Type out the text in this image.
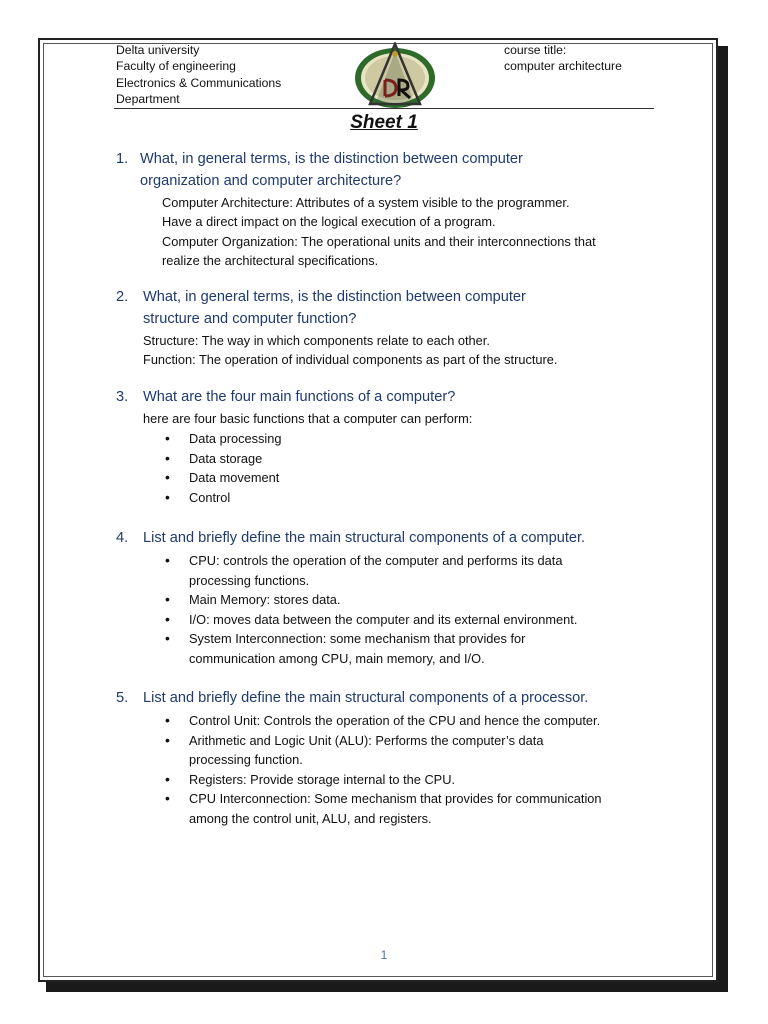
Delta university
Faculty of engineering
Electronics & Communications
Department
course title:
computer architecture
Sheet 1
1. What, in general terms, is the distinction between computer
organization and computer architecture?
Computer Architecture: Attributes of a system visible to the programmer.
Have a direct impact on the logical execution of a program.
Computer Organization: The operational units and their interconnections that
realize the architectural specifications.
2. What, in general terms, is the distinction between computer
structure and computer function?
Structure: The way in which components relate to each other.
Function: The operation of individual components as part of the structure.
3. What are the four main functions of a computer?
here are four basic functions that a computer can perform:
• Data processing
• Data storage
• Data movement
• Control
4. List and briefly define the main structural components of a computer.
• CPU: controls the operation of the computer and performs its data
processing functions.
• Main Memory: stores data.
• I/O: moves data between the computer and its external environment.
• System Interconnection: some mechanism that provides for
communication among CPU, main memory, and I/O.
5. List and briefly define the main structural components of a processor.
• Control Unit: Controls the operation of the CPU and hence the computer.
• Arithmetic and Logic Unit (ALU): Performs the computer’s data
processing function.
• Registers: Provide storage internal to the CPU.
• CPU Interconnection: Some mechanism that provides for communication
among the control unit, ALU, and registers.
1
